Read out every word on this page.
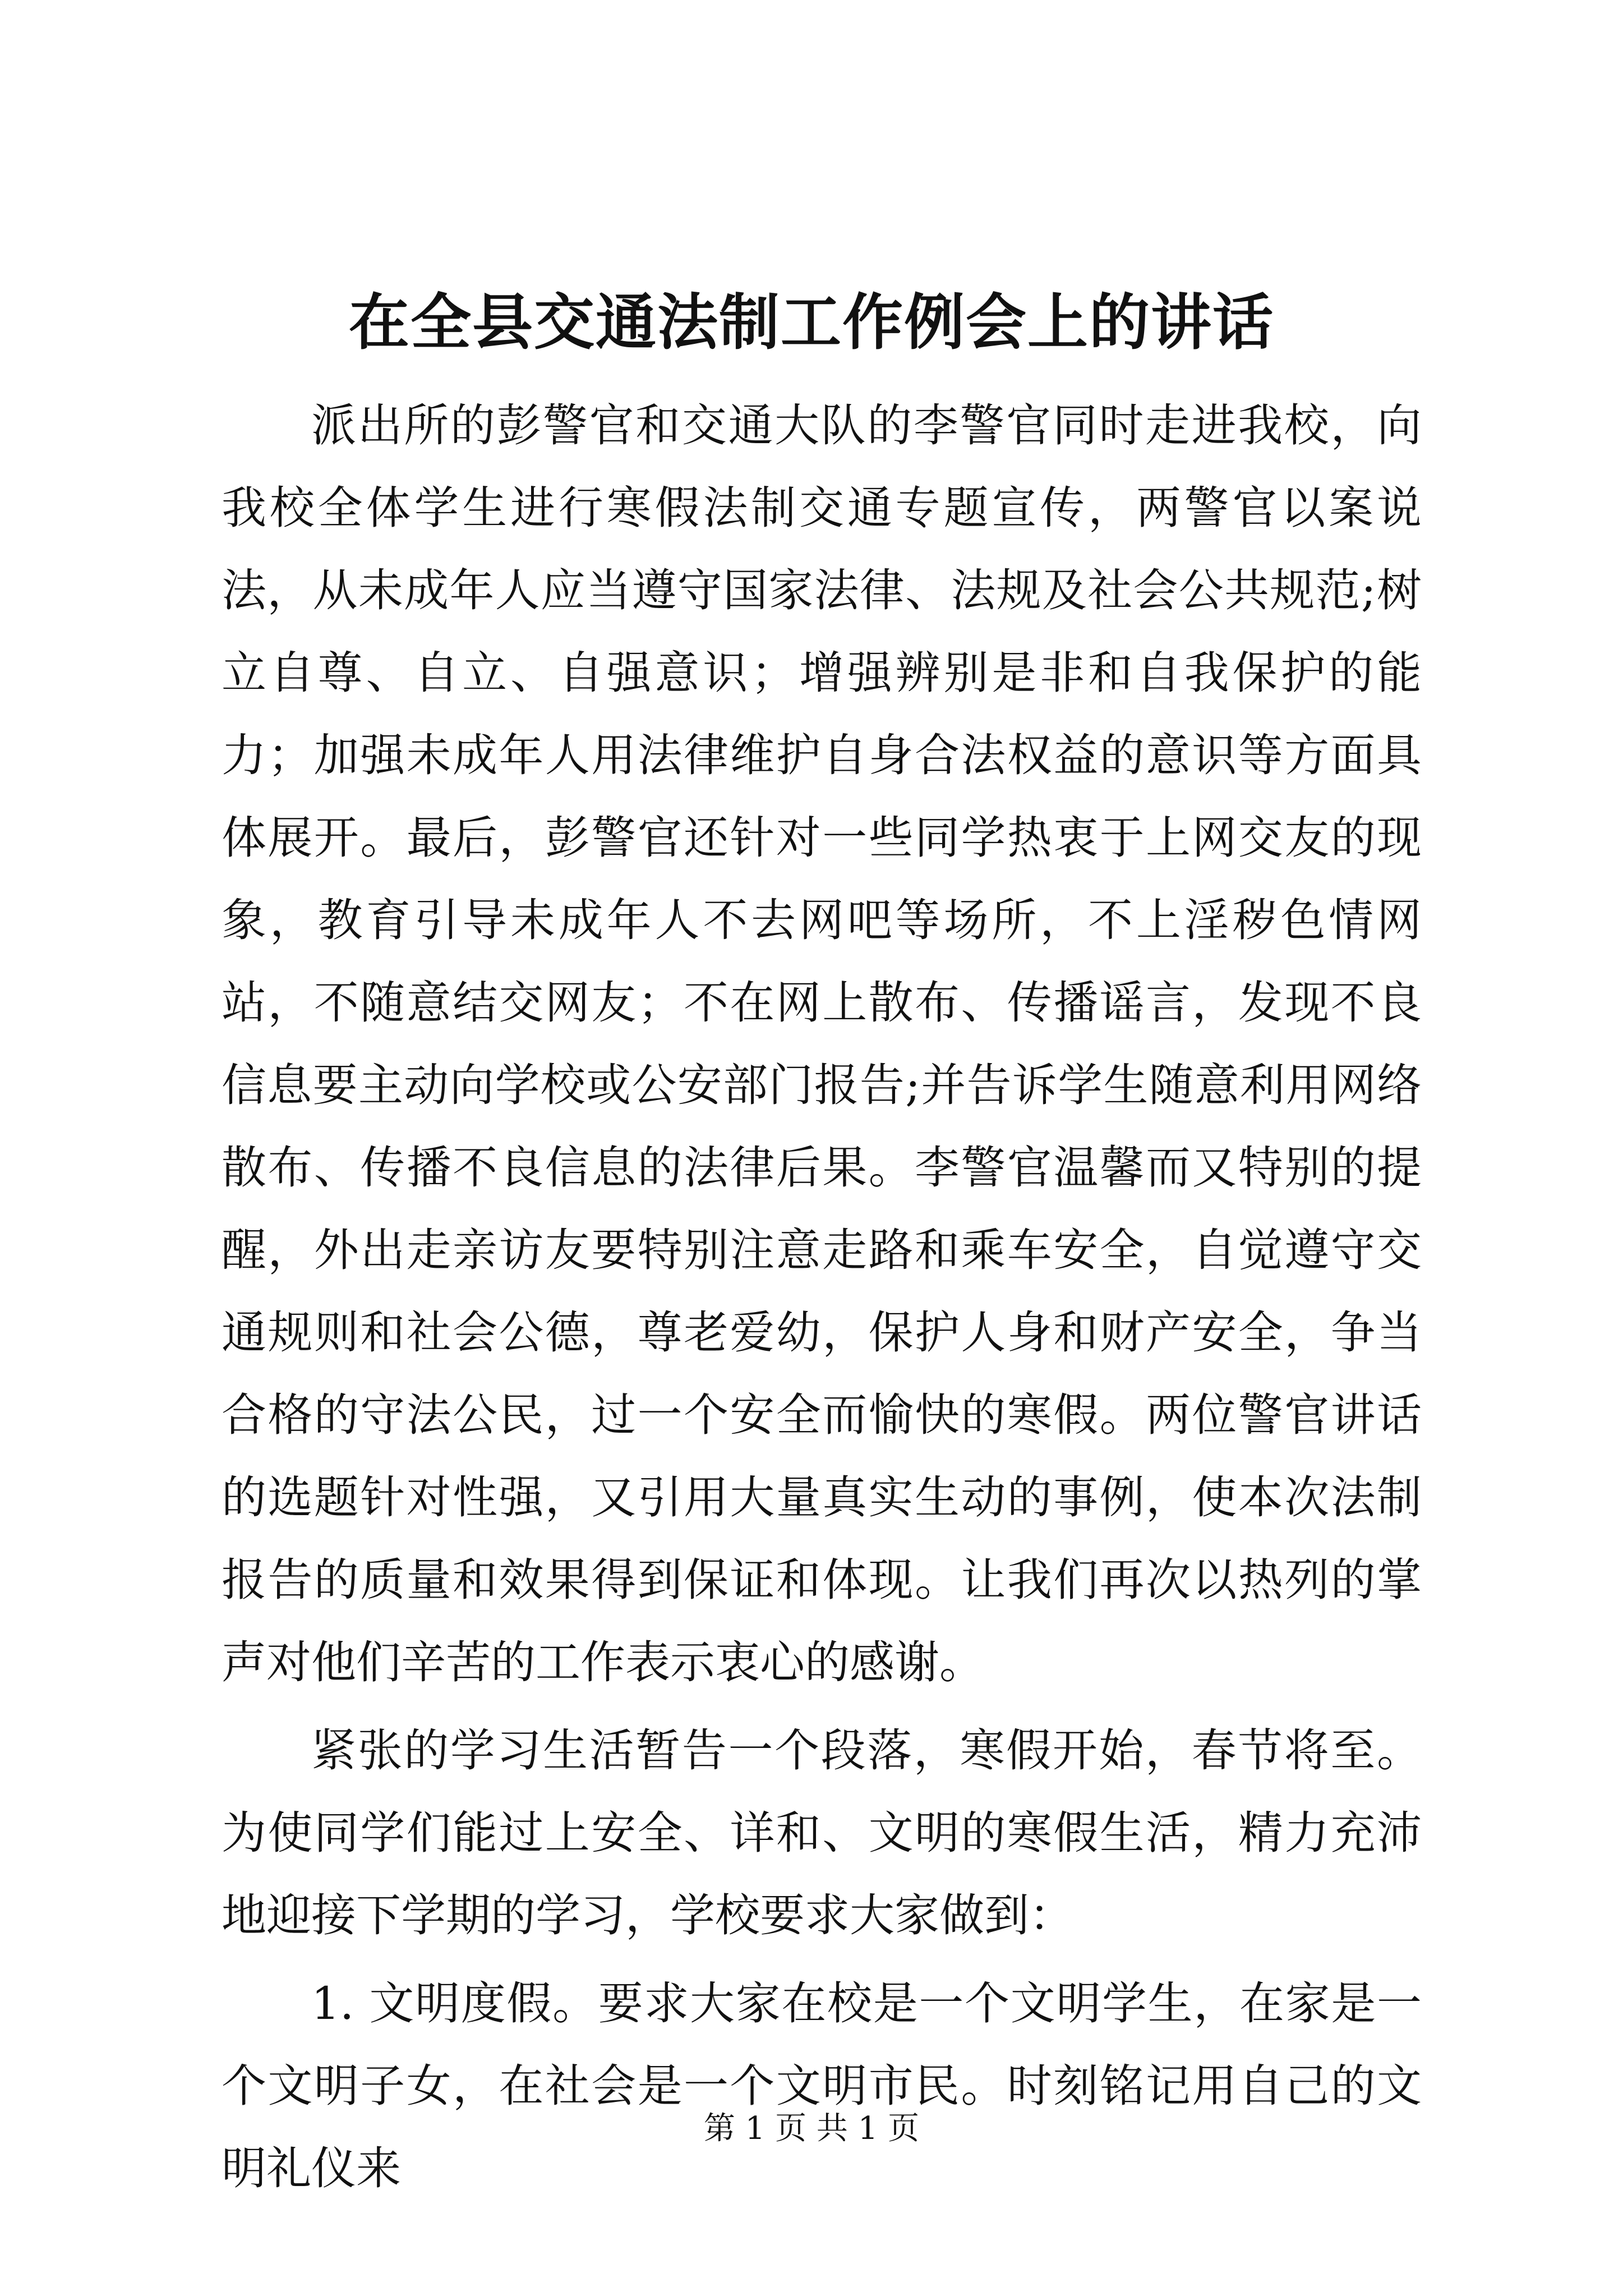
在全县交通法制工作例会上的讲话

派出所的彭警官和交通大队的李警官同时走进我校，向我校全体学生进行寒假法制交通专题宣传，两警官以案说法，从未成年人应当遵守国家法律、法规及社会公共规范;树立自尊、自立、自强意识；增强辨别是非和自我保护的能力；加强未成年人用法律维护自身合法权益的意识等方面具体展开。最后，彭警官还针对一些同学热衷于上网交友的现象，教育引导未成年人不去网吧等场所，不上淫秽色情网站，不随意结交网友；不在网上散布、传播谣言，发现不良信息要主动向学校或公安部门报告;并告诉学生随意利用网络散布、传播不良信息的法律后果。李警官温馨而又特别的提醒，外出走亲访友要特别注意走路和乘车安全，自觉遵守交通规则和社会公德，尊老爱幼，保护人身和财产安全，争当合格的守法公民，过一个安全而愉快的寒假。两位警官讲话的选题针对性强，又引用大量真实生动的事例，使本次法制报告的质量和效果得到保证和体现。让我们再次以热列的掌声对他们辛苦的工作表示衷心的感谢。

紧张的学习生活暂告一个段落，寒假开始，春节将至。为使同学们能过上安全、详和、文明的寒假生活，精力充沛地迎接下学期的学习，学校要求大家做到：

1. 文明度假。要求大家在校是一个文明学生，在家是一个文明子女，在社会是一个文明市民。时刻铭记用自己的文明礼仪来

第 1 页 共 1 页
